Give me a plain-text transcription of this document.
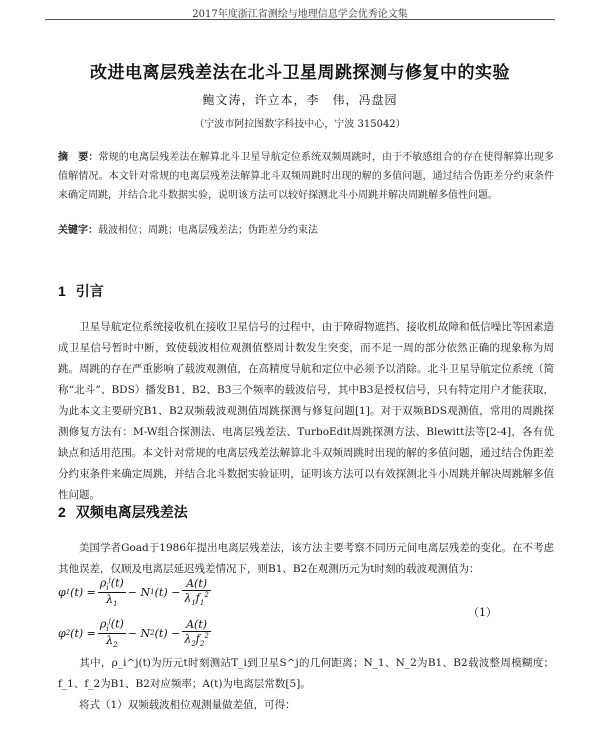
2017年度浙江省测绘与地理信息学会优秀论文集
改进电离层残差法在北斗卫星周跳探测与修复中的实验
鲍文涛，许立本，李　伟，冯盘园
（宁波市阿拉图数字科技中心，宁波 315042）
摘　要：常规的电离层残差法在解算北斗卫星导航定位系统双频周跳时，由于不敏感组合的存在使得解算出现多值解情况。本文针对常规的电离层残差法解算北斗双频周跳时出现的解的多值问题，通过结合伪距差分约束条件来确定周跳，并结合北斗数据实验，说明该方法可以较好探测北斗小周跳并解决周跳解多值性问题。
关键字：载波相位；周跳；电离层残差法；伪距差分约束法
1 引言
卫星导航定位系统接收机在接收卫星信号的过程中，由于障碍物遮挡、接收机故障和低信噪比等因素造成卫星信号暂时中断，致使载波相位观测值整周计数发生突变，而不足一周的部分依然正确的现象称为周跳。周跳的存在严重影响了载波观测值，在高精度导航和定位中必须予以消除。北斗卫星导航定位系统（简称“北斗”、BDS）播发B1、B2、B3三个频率的载波信号，其中B3是授权信号，只有特定用户才能获取，为此本文主要研究B1、B2双频载波观测值周跳探测与修复问题[1]。对于双频BDS观测值，常用的周跳探测修复方法有：M-W组合探测法、电离层残差法、TurboEdit周跳探测方法、Blewitt法等[2-4]，各有优缺点和适用范围。本文针对常规的电离层残差法解算北斗双频周跳时出现的解的多值问题，通过结合伪距差分约束条件来确定周跳，并结合北斗数据实验证明，证明该方法可以有效探测北斗小周跳并解决周跳解多值性问题。
2 双频电离层残差法
美国学者Goad于1986年提出电离层残差法，该方法主要考察不同历元间电离层残差的变化。在不考虑其他误差，仅顾及电离层延迟残差情况下，则B1、B2在观测历元为t时刻的载波观测值为：
φ 1 $(t) = \frac{\rho_i^j(t)}{\lambda_1} - N$ 1 $(t) - \frac{A(t)}{\lambda_1f_1^2}$
φ 2 $(t) = \frac{\rho_i^j(t)}{\lambda_2} - N$ 2 $(t) - \frac{A(t)}{\lambda_2f_2^2}$
（1）
其中，ρ_i^j(t)为历元t时刻测站T_i到卫星S^j的几何距离；N_1、N_2为B1、B2载波整周模糊度；f_1、f_2为B1、B2对应频率；A(t)为电离层常数[5]。
将式（1）双频载波相位观测量做差值，可得：
